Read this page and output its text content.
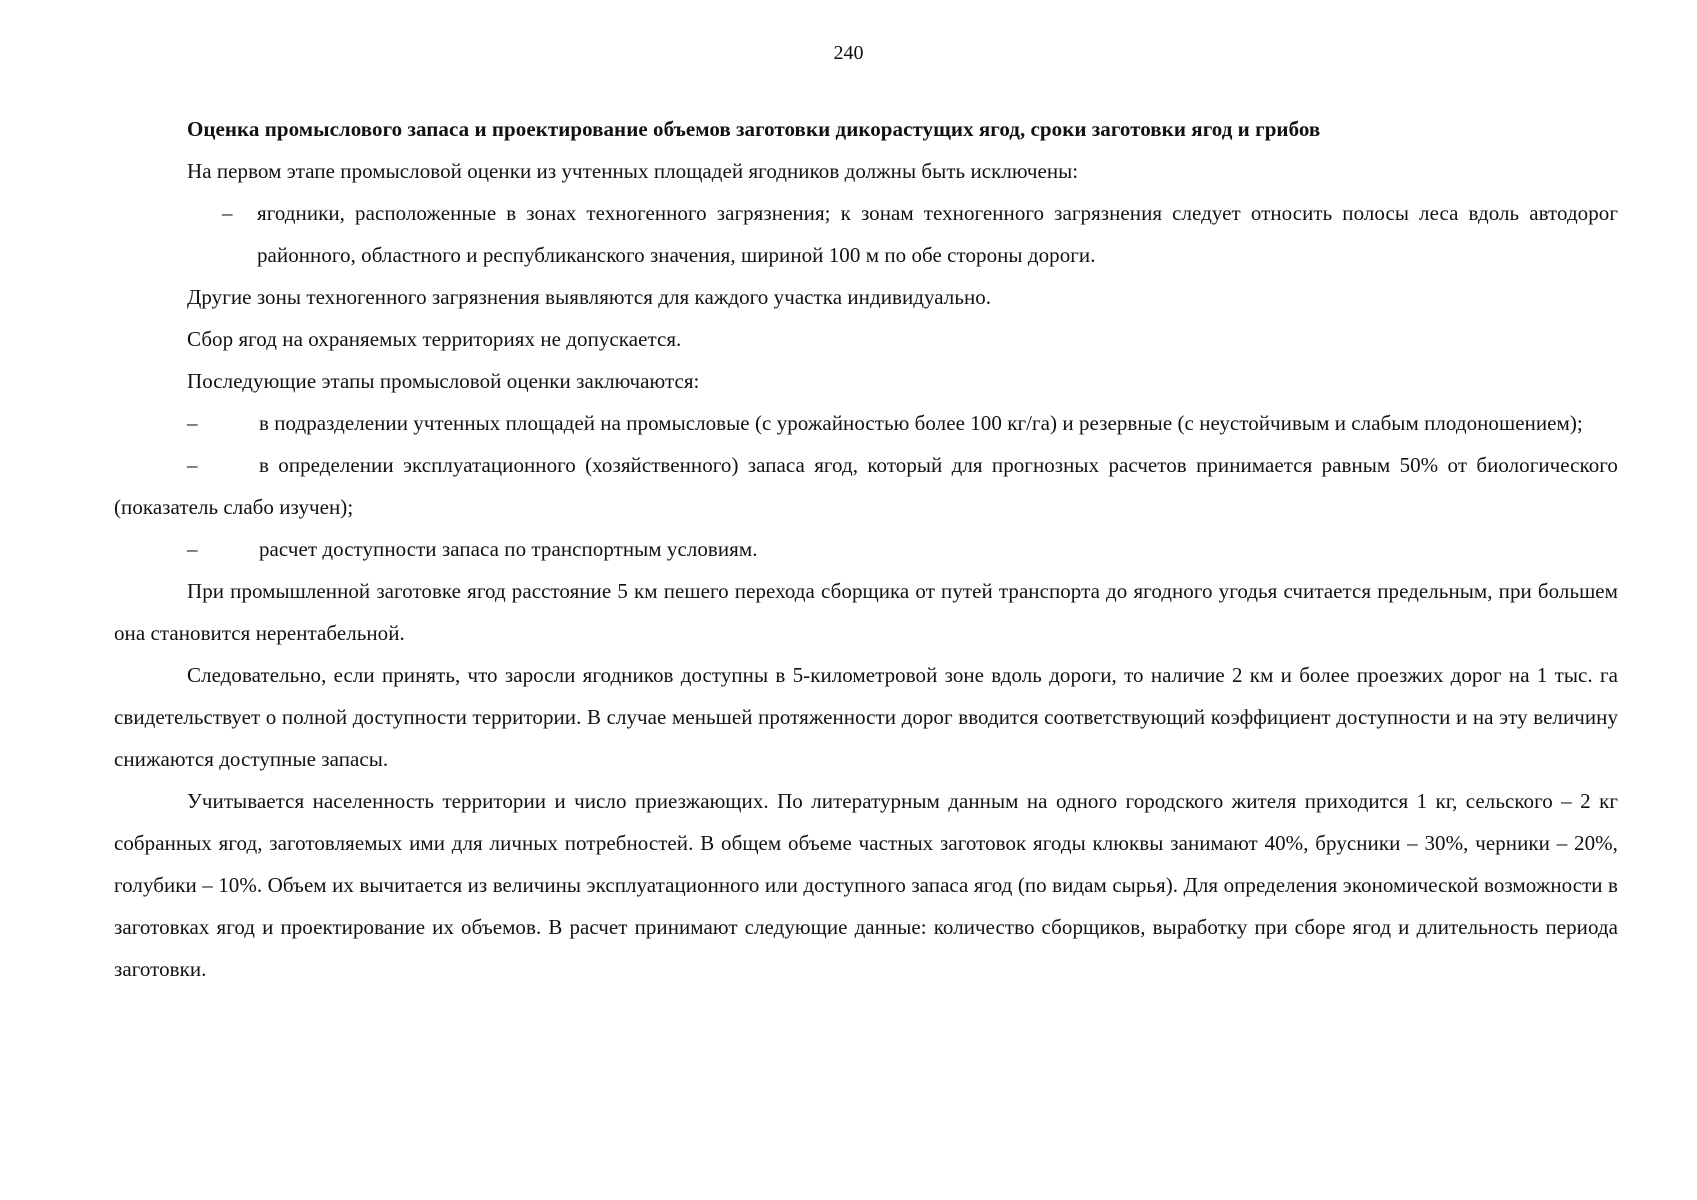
240
Оценка промыслового запаса и проектирование объемов заготовки дикорастущих ягод, сроки заготовки ягод и грибов
На первом этапе промысловой оценки из учтенных площадей ягодников должны быть исключены:
–	ягодники, расположенные в зонах техногенного загрязнения; к зонам техногенного загрязнения следует относить полосы леса вдоль автодорог районного, областного и республиканского значения, шириной 100 м по обе стороны дороги.
Другие зоны техногенного загрязнения выявляются для каждого участка индивидуально.
Сбор ягод на охраняемых территориях не допускается.
Последующие этапы промысловой оценки заключаются:
–	в подразделении учтенных площадей на промысловые (с урожайностью более 100 кг/га) и резервные (с неустойчивым и слабым плодоношением);
–	в определении эксплуатационного (хозяйственного) запаса ягод, который для прогнозных расчетов принимается равным 50% от биологического (показатель слабо изучен);
–	расчет доступности запаса по транспортным условиям.
При промышленной заготовке ягод расстояние 5 км пешего перехода сборщика от путей транспорта до ягодного угодья считается предельным, при большем она становится нерентабельной.
Следовательно, если принять, что заросли ягодников доступны в 5-километровой зоне вдоль дороги, то наличие 2 км и более проезжих дорог на 1 тыс. га свидетельствует о полной доступности территории. В случае меньшей протяженности дорог вводится соответствующий коэффициент доступности и на эту величину снижаются доступные запасы.
Учитывается населенность территории и число приезжающих. По литературным данным на одного городского жителя приходится 1 кг, сельского – 2 кг собранных ягод, заготовляемых ими для личных потребностей. В общем объеме частных заготовок ягоды клюквы занимают 40%, брусники – 30%, черники – 20%, голубики – 10%. Объем их вычитается из величины эксплуатационного или доступного запаса ягод (по видам сырья). Для определения экономической возможности в заготовках ягод и проектирование их объемов. В расчет принимают следующие данные: количество сборщиков, выработку при сборе ягод и длительность периода заготовки.
